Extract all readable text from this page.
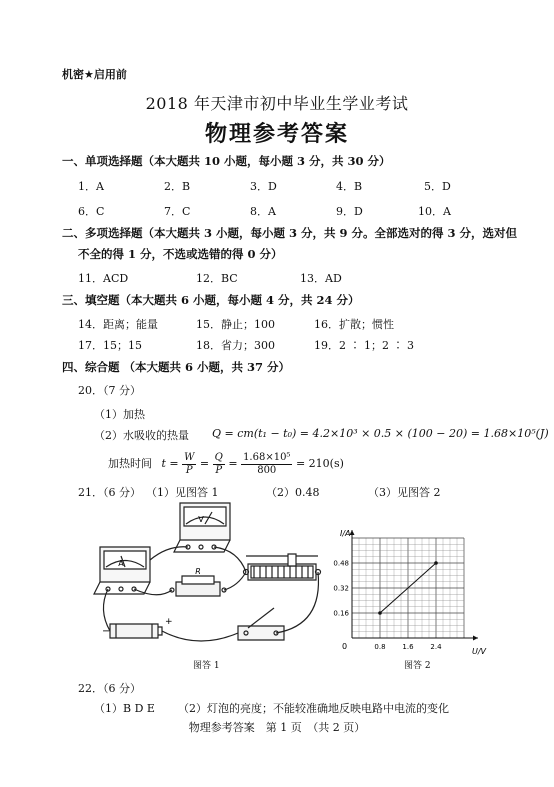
机密★启用前
2018 年天津市初中毕业生学业考试
物理参考答案
一、单项选择题（本大题共 10 小题，每小题 3 分，共 30 分）
1．A	2．B	3．D	4．B	5．D
6．C	7．C	8．A	9．D	10．A
二、多项选择题（本大题共 3 小题，每小题 3 分，共 9 分。全部选对的得 3 分，选对但
不全的得 1 分，不选或选错的得 0 分）
11．ACD	12．BC	13．AD
三、填空题（本大题共 6 小题，每小题 4 分，共 24 分）
14．距离；能量	15．静止；100	16．扩散；惯性
17．15；15	18．省力；300	19．2 ∶ 1；2 ∶ 3
四、综合题 （本大题共 6 小题，共 37 分）
20．（7 分）
（1）加热
（2）水吸收的热量 Q = cm(t₁ − t₀) = 4.2×10³ × 0.5 × (100 − 20) = 1.68×10⁵(J)
加热时间 $t = \frac{W}{P} = \frac{Q}{P} = \frac{\text{1.68×10⁵}}{800} = 210(s)$
21．（6 分） （1）见图答 1	（2）0.48	（3）见图答 2
V
A
R
−
+
图答 1
I/A
U/V
0	0.8 1.6 2.4
0.16
0.32
0.48
图答 2
22．（6 分）
（1）B D E （2）灯泡的亮度；不能较准确地反映电路中电流的变化
物理参考答案　第 1 页　（共 2 页）
